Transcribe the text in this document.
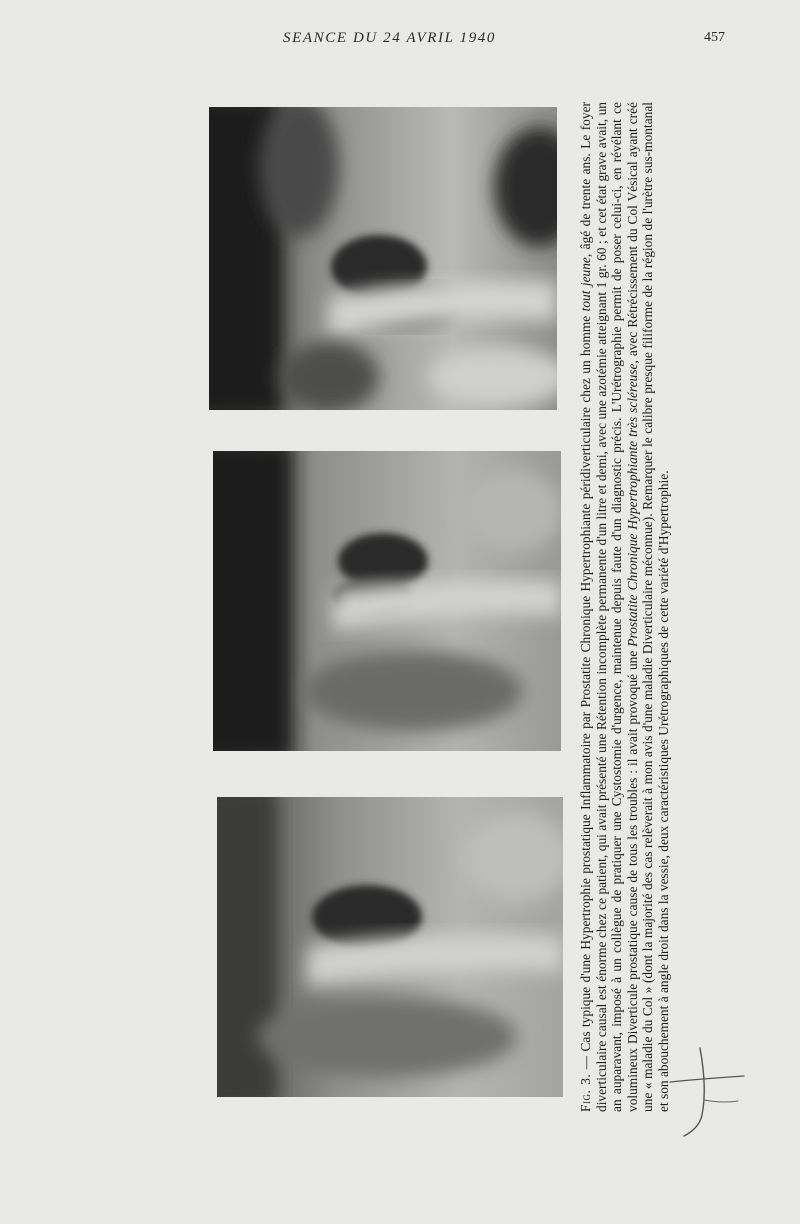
SEANCE DU 24 AVRIL 1940	457

Fig. 3. — Cas typique d'une Hypertrophie prostatique Inflammatoire par Prostatite Chronique Hypertrophiante péridiverticulaire chez un homme tout jeune, âgé de trente ans. Le foyer diverticulaire causal est énorme chez ce patient, qui avait présenté une Rétention incomplète permanente d'un litre et demi, avec une azotémie atteignant 1 gr. 60 ; et cet état grave avait, un an auparavant, imposé à un collègue de pratiquer une Cystostomie d'urgence, maintenue depuis faute d'un diagnostic précis. L'Urétrographie permit de poser celui-ci, en révélant ce volumineux Diverticule prostatique cause de tous les troubles : il avait provoqué une Prostatite Chronique Hypertrophiante très scléreuse, avec Rétrécissement du Col Vésical ayant créé une « maladie du Col » (dont la majorité des cas relèverait à mon avis d'une maladie Diverticulaire méconnue). Remarquer le calibre presque filiforme de la région de l'urètre sus-montanal et son abouchement à angle droit dans la vessie, deux caractéristiques Urétrographiques de cette variété d'Hypertrophie.
